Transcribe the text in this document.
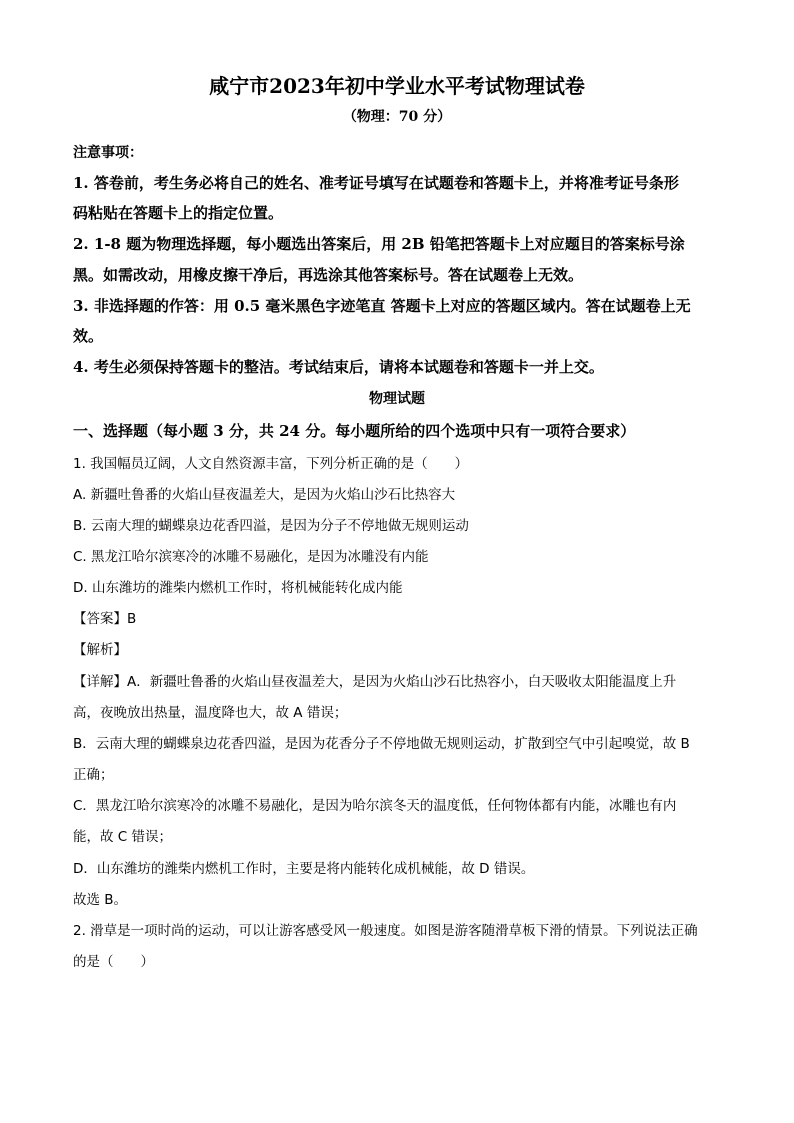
咸宁市2023年初中学业水平考试物理试卷
（物理：70 分）
注意事项：
1. 答卷前，考生务必将自己的姓名、准考证号填写在试题卷和答题卡上，并将准考证号条形
码粘贴在答题卡上的指定位置。
2. 1-8 题为物理选择题，每小题选出答案后，用 2B 铅笔把答题卡上对应题目的答案标号涂
黑。如需改动，用橡皮擦干净后，再选涂其他答案标号。答在试题卷上无效。
3. 非选择题的作答：用 0.5 毫米黑色字迹笔直 答题卡上对应的答题区域内。答在试题卷上无
效。
4. 考生必须保持答题卡的整洁。考试结束后，请将本试题卷和答题卡一并上交。
物理试题
一、选择题（每小题 3 分，共 24 分。每小题所给的四个选项中只有一项符合要求）
1. 我国幅员辽阔，人文自然资源丰富，下列分析正确的是（　　）
A. 新疆吐鲁番的火焰山昼夜温差大，是因为火焰山沙石比热容大
B. 云南大理的蝴蝶泉边花香四溢，是因为分子不停地做无规则运动
C. 黑龙江哈尔滨寒冷的冰雕不易融化，是因为冰雕没有内能
D. 山东潍坊的潍柴内燃机工作时，将机械能转化成内能
【答案】B
【解析】
【详解】A．新疆吐鲁番的火焰山昼夜温差大，是因为火焰山沙石比热容小，白天吸收太阳能温度上升
高，夜晚放出热量，温度降也大，故 A 错误；
B．云南大理的蝴蝶泉边花香四溢，是因为花香分子不停地做无规则运动，扩散到空气中引起嗅觉，故 B
正确；
C．黑龙江哈尔滨寒冷的冰雕不易融化，是因为哈尔滨冬天的温度低，任何物体都有内能，冰雕也有内
能，故 C 错误；
D．山东潍坊的潍柴内燃机工作时，主要是将内能转化成机械能，故 D 错误。
故选 B。
2. 滑草是一项时尚的运动，可以让游客感受风一般速度。如图是游客随滑草板下滑的情景。下列说法正确
的是（　　）
